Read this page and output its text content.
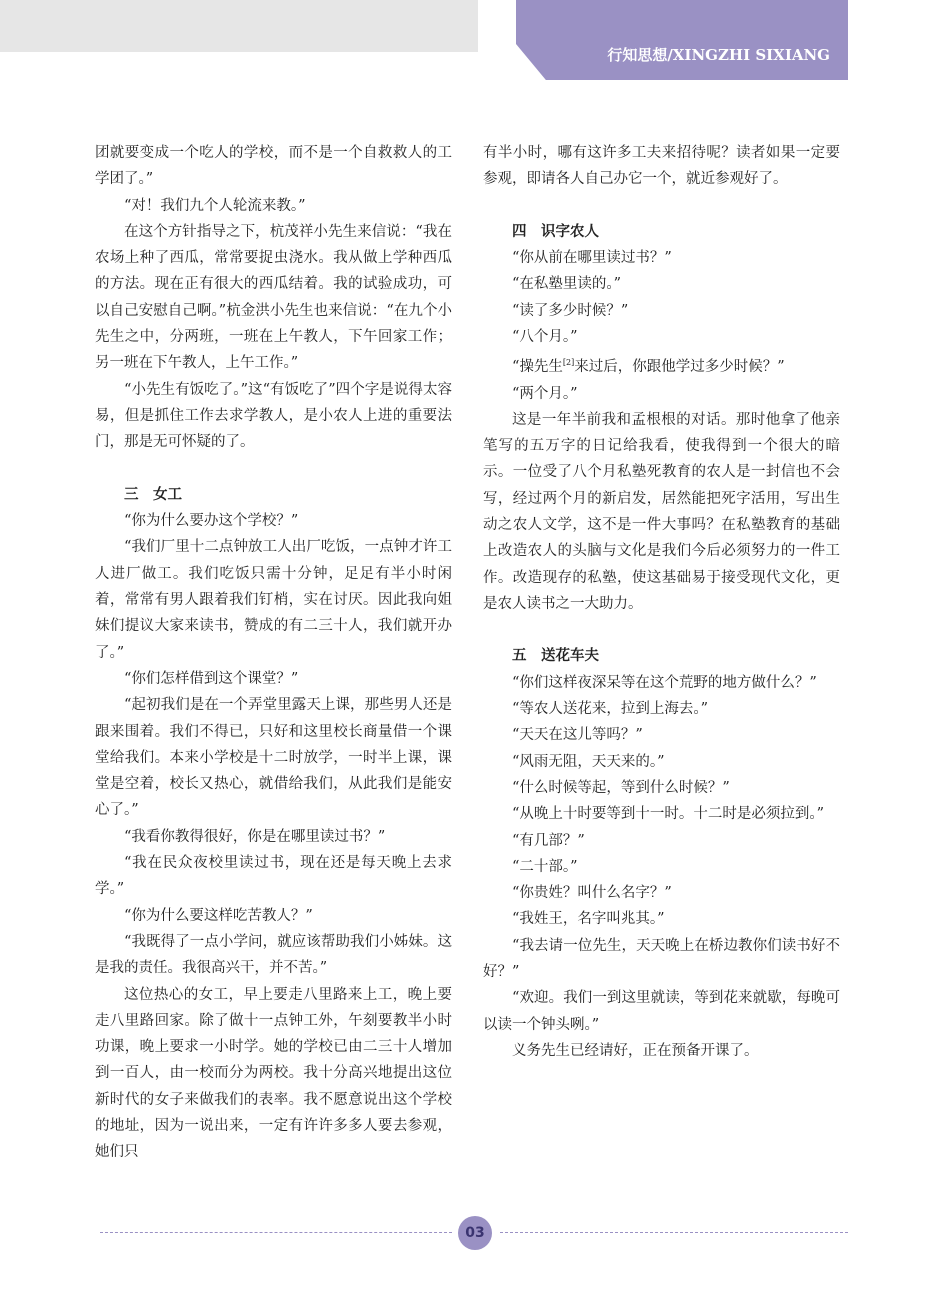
行知思想/XINGZHI SIXIANG

团就要变成一个吃人的学校，而不是一个自救救人的工学团了。”

“对！我们九个人轮流来教。”

在这个方针指导之下，杭茂祥小先生来信说：“我在农场上种了西瓜，常常要捉虫浇水。我从做上学种西瓜的方法。现在正有很大的西瓜结着。我的试验成功，可以自己安慰自己啊。”杭金洪小先生也来信说：“在九个小先生之中，分两班，一班在上午教人，下午回家工作；另一班在下午教人，上午工作。”

“小先生有饭吃了。”这“有饭吃了”四个字是说得太容易，但是抓住工作去求学教人，是小农人上进的重要法门，那是无可怀疑的了。

三　女工

“你为什么要办这个学校？”

“我们厂里十二点钟放工人出厂吃饭，一点钟才许工人进厂做工。我们吃饭只需十分钟，足足有半小时闲着，常常有男人跟着我们钉梢，实在讨厌。因此我向姐妹们提议大家来读书，赞成的有二三十人，我们就开办了。”

“你们怎样借到这个课堂？”

“起初我们是在一个弄堂里露天上课，那些男人还是跟来围着。我们不得已，只好和这里校长商量借一个课堂给我们。本来小学校是十二时放学，一时半上课，课堂是空着，校长又热心，就借给我们，从此我们是能安心了。”

“我看你教得很好，你是在哪里读过书？”

“我在民众夜校里读过书，现在还是每天晚上去求学。”

“你为什么要这样吃苦教人？”

“我既得了一点小学问，就应该帮助我们小姊妹。这是我的责任。我很高兴干，并不苦。”

这位热心的女工，早上要走八里路来上工，晚上要走八里路回家。除了做十一点钟工外，午刻要教半小时功课，晚上要求一小时学。她的学校已由二三十人增加到一百人，由一校而分为两校。我十分高兴地提出这位新时代的女子来做我们的表率。我不愿意说出这个学校的地址，因为一说出来，一定有许许多多人要去参观，她们只

有半小时，哪有这许多工夫来招待呢？读者如果一定要参观，即请各人自己办它一个，就近参观好了。

四　识字农人

“你从前在哪里读过书？”

“在私塾里读的。”

“读了多少时候？”

“八个月。”

“操先生[2]来过后，你跟他学过多少时候？”

“两个月。”

这是一年半前我和孟根根的对话。那时他拿了他亲笔写的五万字的日记给我看，使我得到一个很大的暗示。一位受了八个月私塾死教育的农人是一封信也不会写，经过两个月的新启发，居然能把死字活用，写出生动之农人文学，这不是一件大事吗？在私塾教育的基础上改造农人的头脑与文化是我们今后必须努力的一件工作。改造现存的私塾，使这基础易于接受现代文化，更是农人读书之一大助力。

五　送花车夫

“你们这样夜深呆等在这个荒野的地方做什么？”

“等农人送花来，拉到上海去。”

“天天在这儿等吗？”

“风雨无阻，天天来的。”

“什么时候等起，等到什么时候？”

“从晚上十时要等到十一时。十二时是必须拉到。”

“有几部？”

“二十部。”

“你贵姓？叫什么名字？”

“我姓王，名字叫兆其。”

“我去请一位先生，天天晚上在桥边教你们读书好不好？”

“欢迎。我们一到这里就读，等到花来就歇，每晚可以读一个钟头咧。”

义务先生已经请好，正在预备开课了。

03
